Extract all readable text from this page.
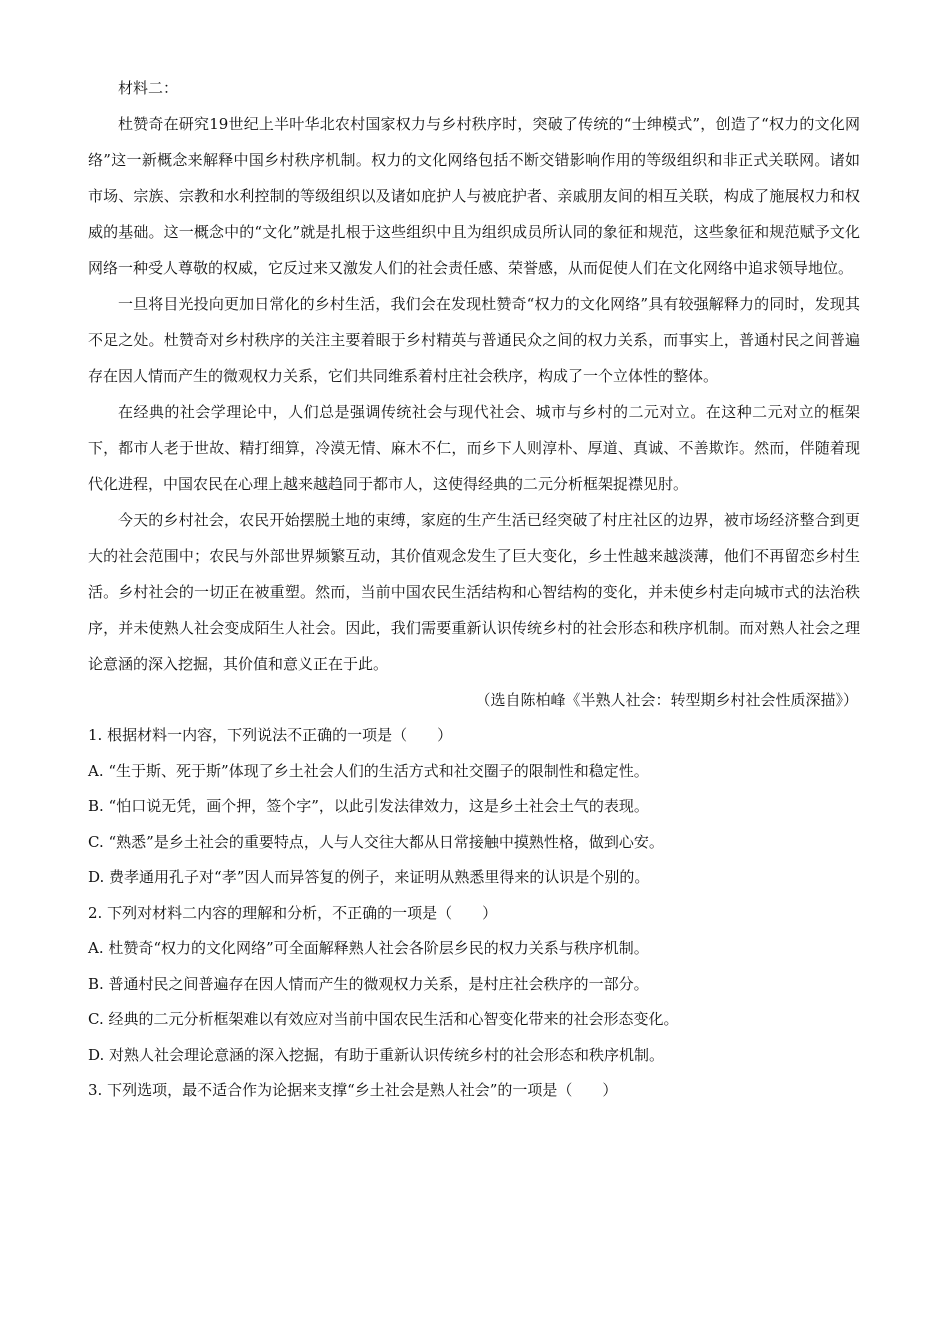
材料二：

杜赞奇在研究19世纪上半叶华北农村国家权力与乡村秩序时，突破了传统的“士绅模式”，创造了“权力的文化网络”这一新概念来解释中国乡村秩序机制。权力的文化网络包括不断交错影响作用的等级组织和非正式关联网。诸如市场、宗族、宗教和水利控制的等级组织以及诸如庇护人与被庇护者、亲戚朋友间的相互关联，构成了施展权力和权威的基础。这一概念中的“文化”就是扎根于这些组织中且为组织成员所认同的象征和规范，这些象征和规范赋予文化网络一种受人尊敬的权威，它反过来又激发人们的社会责任感、荣誉感，从而促使人们在文化网络中追求领导地位。

一旦将目光投向更加日常化的乡村生活，我们会在发现杜赞奇“权力的文化网络”具有较强解释力的同时，发现其不足之处。杜赞奇对乡村秩序的关注主要着眼于乡村精英与普通民众之间的权力关系，而事实上，普通村民之间普遍存在因人情而产生的微观权力关系，它们共同维系着村庄社会秩序，构成了一个立体性的整体。

在经典的社会学理论中，人们总是强调传统社会与现代社会、城市与乡村的二元对立。在这种二元对立的框架下，都市人老于世故、精打细算，冷漠无情、麻木不仁，而乡下人则淳朴、厚道、真诚、不善欺诈。然而，伴随着现代化进程，中国农民在心理上越来越趋同于都市人，这使得经典的二元分析框架捉襟见肘。

今天的乡村社会，农民开始摆脱土地的束缚，家庭的生产生活已经突破了村庄社区的边界，被市场经济整合到更大的社会范围中；农民与外部世界频繁互动，其价值观念发生了巨大变化，乡土性越来越淡薄，他们不再留恋乡村生活。乡村社会的一切正在被重塑。然而，当前中国农民生活结构和心智结构的变化，并未使乡村走向城市式的法治秩序，并未使熟人社会变成陌生人社会。因此，我们需要重新认识传统乡村的社会形态和秩序机制。而对熟人社会之理论意涵的深入挖掘，其价值和意义正在于此。

（选自陈柏峰《半熟人社会：转型期乡村社会性质深描》）

1. 根据材料一内容，下列说法不正确的一项是（　　）

A. “生于斯、死于斯”体现了乡土社会人们的生活方式和社交圈子的限制性和稳定性。

B. “怕口说无凭，画个押，签个字”，以此引发法律效力，这是乡土社会土气的表现。

C. “熟悉”是乡土社会的重要特点，人与人交往大都从日常接触中摸熟性格，做到心安。

D. 费孝通用孔子对“孝”因人而异答复的例子，来证明从熟悉里得来的认识是个别的。

2. 下列对材料二内容的理解和分析，不正确的一项是（　　）

A. 杜赞奇“权力的文化网络”可全面解释熟人社会各阶层乡民的权力关系与秩序机制。

B. 普通村民之间普遍存在因人情而产生的微观权力关系，是村庄社会秩序的一部分。

C. 经典的二元分析框架难以有效应对当前中国农民生活和心智变化带来的社会形态变化。

D. 对熟人社会理论意涵的深入挖掘，有助于重新认识传统乡村的社会形态和秩序机制。

3. 下列选项，最不适合作为论据来支撑“乡土社会是熟人社会”的一项是（　　）
